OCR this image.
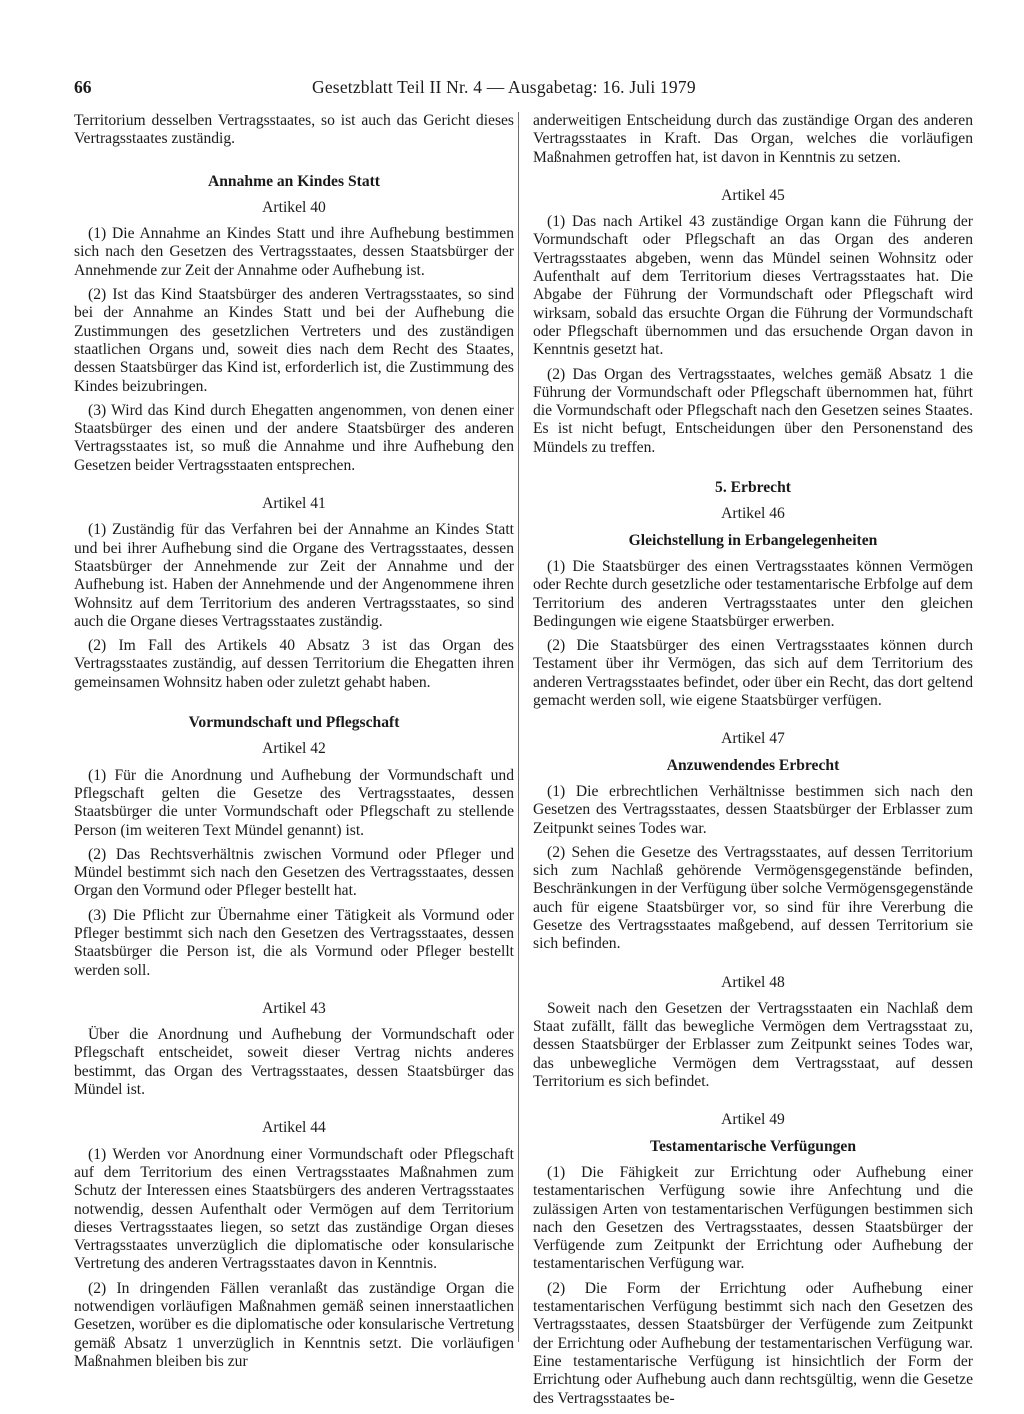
66	Gesetzblatt Teil II Nr. 4 — Ausgabetag: 16. Juli 1979

Territorium desselben Vertragsstaates, so ist auch das Gericht dieses Vertragsstaates zuständig.

Annahme an Kindes Statt
Artikel 40

(1) Die Annahme an Kindes Statt und ihre Aufhebung bestimmen sich nach den Gesetzen des Vertragsstaates, dessen Staatsbürger der Annehmende zur Zeit der Annahme oder Aufhebung ist.

(2) Ist das Kind Staatsbürger des anderen Vertragsstaates, so sind bei der Annahme an Kindes Statt und bei der Aufhebung die Zustimmungen des gesetzlichen Vertreters und des zuständigen staatlichen Organs und, soweit dies nach dem Recht des Staates, dessen Staatsbürger das Kind ist, erforderlich ist, die Zustimmung des Kindes beizubringen.

(3) Wird das Kind durch Ehegatten angenommen, von denen einer Staatsbürger des einen und der andere Staatsbürger des anderen Vertragsstaates ist, so muß die Annahme und ihre Aufhebung den Gesetzen beider Vertragsstaaten entsprechen.

Artikel 41

(1) Zuständig für das Verfahren bei der Annahme an Kindes Statt und bei ihrer Aufhebung sind die Organe des Vertragsstaates, dessen Staatsbürger der Annehmende zur Zeit der Annahme und der Aufhebung ist. Haben der Annehmende und der Angenommene ihren Wohnsitz auf dem Territorium des anderen Vertragsstaates, so sind auch die Organe dieses Vertragsstaates zuständig.

(2) Im Fall des Artikels 40 Absatz 3 ist das Organ des Vertragsstaates zuständig, auf dessen Territorium die Ehegatten ihren gemeinsamen Wohnsitz haben oder zuletzt gehabt haben.

Vormundschaft und Pflegschaft
Artikel 42

(1) Für die Anordnung und Aufhebung der Vormundschaft und Pflegschaft gelten die Gesetze des Vertragsstaates, dessen Staatsbürger die unter Vormundschaft oder Pflegschaft zu stellende Person (im weiteren Text Mündel genannt) ist.

(2) Das Rechtsverhältnis zwischen Vormund oder Pfleger und Mündel bestimmt sich nach den Gesetzen des Vertragsstaates, dessen Organ den Vormund oder Pfleger bestellt hat.

(3) Die Pflicht zur Übernahme einer Tätigkeit als Vormund oder Pfleger bestimmt sich nach den Gesetzen des Vertragsstaates, dessen Staatsbürger die Person ist, die als Vormund oder Pfleger bestellt werden soll.

Artikel 43

Über die Anordnung und Aufhebung der Vormundschaft oder Pflegschaft entscheidet, soweit dieser Vertrag nichts anderes bestimmt, das Organ des Vertragsstaates, dessen Staatsbürger das Mündel ist.

Artikel 44

(1) Werden vor Anordnung einer Vormundschaft oder Pflegschaft auf dem Territorium des einen Vertragsstaates Maßnahmen zum Schutz der Interessen eines Staatsbürgers des anderen Vertragsstaates notwendig, dessen Aufenthalt oder Vermögen auf dem Territorium dieses Vertragsstaates liegen, so setzt das zuständige Organ dieses Vertragsstaates unverzüglich die diplomatische oder konsularische Vertretung des anderen Vertragsstaates davon in Kenntnis.

(2) In dringenden Fällen veranlaßt das zuständige Organ die notwendigen vorläufigen Maßnahmen gemäß seinen innerstaatlichen Gesetzen, worüber es die diplomatische oder konsularische Vertretung gemäß Absatz 1 unverzüglich in Kenntnis setzt. Die vorläufigen Maßnahmen bleiben bis zur

anderweitigen Entscheidung durch das zuständige Organ des anderen Vertragsstaates in Kraft. Das Organ, welches die vorläufigen Maßnahmen getroffen hat, ist davon in Kenntnis zu setzen.

Artikel 45

(1) Das nach Artikel 43 zuständige Organ kann die Führung der Vormundschaft oder Pflegschaft an das Organ des anderen Vertragsstaates abgeben, wenn das Mündel seinen Wohnsitz oder Aufenthalt auf dem Territorium dieses Vertragsstaates hat. Die Abgabe der Führung der Vormundschaft oder Pflegschaft wird wirksam, sobald das ersuchte Organ die Führung der Vormundschaft oder Pflegschaft übernommen und das ersuchende Organ davon in Kenntnis gesetzt hat.

(2) Das Organ des Vertragsstaates, welches gemäß Absatz 1 die Führung der Vormundschaft oder Pflegschaft übernommen hat, führt die Vormundschaft oder Pflegschaft nach den Gesetzen seines Staates. Es ist nicht befugt, Entscheidungen über den Personenstand des Mündels zu treffen.

5. Erbrecht
Artikel 46
Gleichstellung in Erbangelegenheiten

(1) Die Staatsbürger des einen Vertragsstaates können Vermögen oder Rechte durch gesetzliche oder testamentarische Erbfolge auf dem Territorium des anderen Vertragsstaates unter den gleichen Bedingungen wie eigene Staatsbürger erwerben.

(2) Die Staatsbürger des einen Vertragsstaates können durch Testament über ihr Vermögen, das sich auf dem Territorium des anderen Vertragsstaates befindet, oder über ein Recht, das dort geltend gemacht werden soll, wie eigene Staatsbürger verfügen.

Artikel 47
Anzuwendendes Erbrecht

(1) Die erbrechtlichen Verhältnisse bestimmen sich nach den Gesetzen des Vertragsstaates, dessen Staatsbürger der Erblasser zum Zeitpunkt seines Todes war.

(2) Sehen die Gesetze des Vertragsstaates, auf dessen Territorium sich zum Nachlaß gehörende Vermögensgegenstände befinden, Beschränkungen in der Verfügung über solche Vermögensgegenstände auch für eigene Staatsbürger vor, so sind für ihre Vererbung die Gesetze des Vertragsstaates maßgebend, auf dessen Territorium sie sich befinden.

Artikel 48

Soweit nach den Gesetzen der Vertragsstaaten ein Nachlaß dem Staat zufällt, fällt das bewegliche Vermögen dem Vertragsstaat zu, dessen Staatsbürger der Erblasser zum Zeitpunkt seines Todes war, das unbewegliche Vermögen dem Vertragsstaat, auf dessen Territorium es sich befindet.

Artikel 49
Testamentarische Verfügungen

(1) Die Fähigkeit zur Errichtung oder Aufhebung einer testamentarischen Verfügung sowie ihre Anfechtung und die zulässigen Arten von testamentarischen Verfügungen bestimmen sich nach den Gesetzen des Vertragsstaates, dessen Staatsbürger der Verfügende zum Zeitpunkt der Errichtung oder Aufhebung der testamentarischen Verfügung war.

(2) Die Form der Errichtung oder Aufhebung einer testamentarischen Verfügung bestimmt sich nach den Gesetzen des Vertragsstaates, dessen Staatsbürger der Verfügende zum Zeitpunkt der Errichtung oder Aufhebung der testamentarischen Verfügung war. Eine testamentarische Verfügung ist hinsichtlich der Form der Errichtung oder Aufhebung auch dann rechtsgültig, wenn die Gesetze des Vertragsstaates be-
